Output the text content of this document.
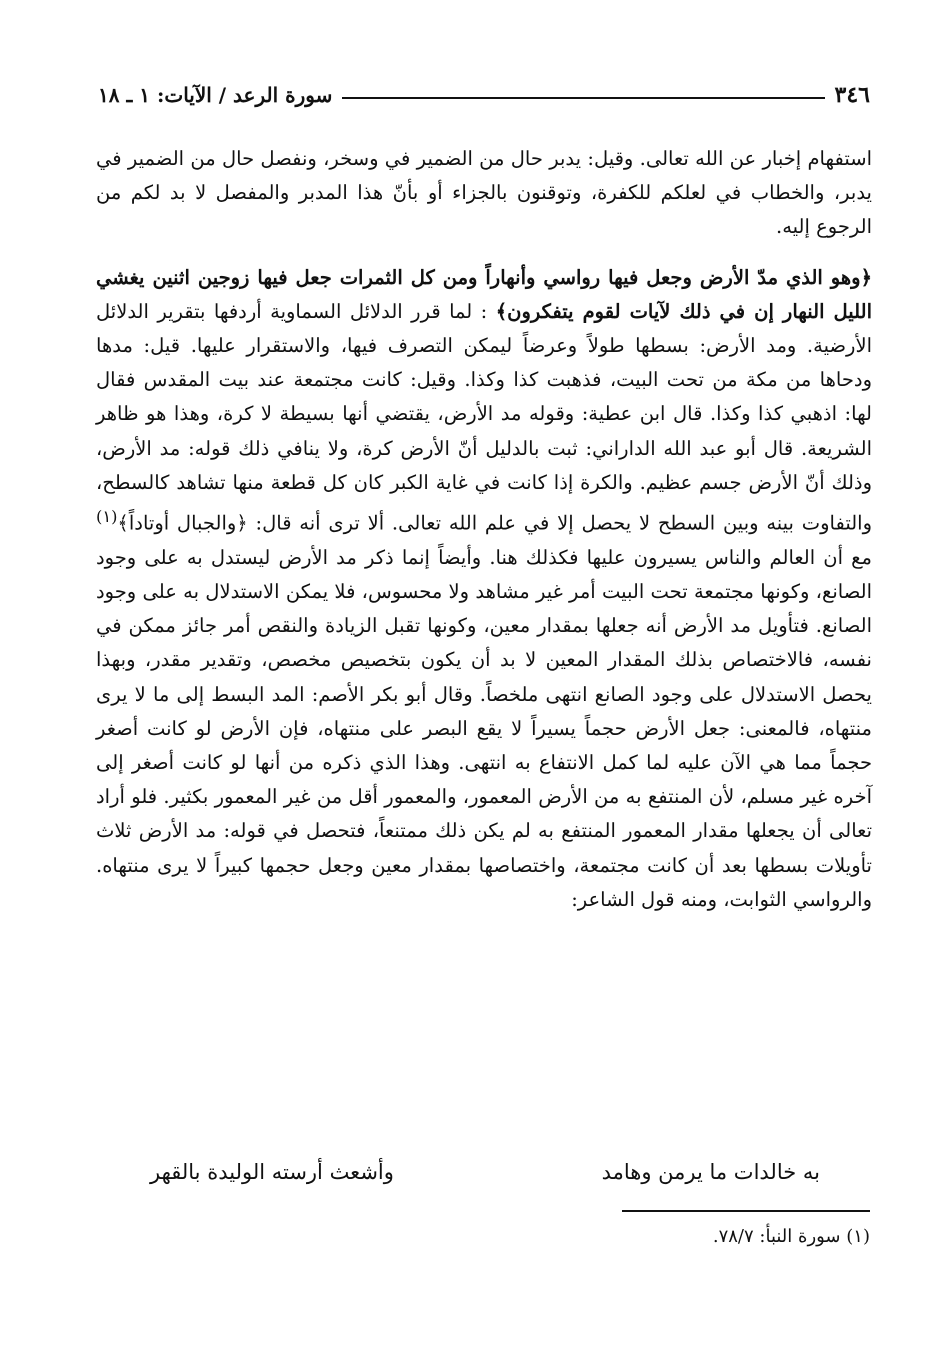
٣٤٦
سورة الرعد / الآيات: ١ ـ ١٨

استفهام إخبار عن الله تعالى. وقيل: يدبر حال من الضمير في وسخر، ونفصل حال من الضمير في يدبر، والخطاب في لعلكم للكفرة، وتوقنون بالجزاء أو بأنّ هذا المدبر والمفصل لا بد لكم من الرجوع إليه.

﴿وهو الذي مدّ الأرض وجعل فيها رواسي وأنهاراً ومن كل الثمرات جعل فيها زوجين اثنين يغشي الليل النهار إن في ذلك لآيات لقوم يتفكرون﴾ : لما قرر الدلائل السماوية أردفها بتقرير الدلائل الأرضية. ومد الأرض: بسطها طولاً وعرضاً ليمكن التصرف فيها، والاستقرار عليها. قيل: مدها ودحاها من مكة من تحت البيت، فذهبت كذا وكذا. وقيل: كانت مجتمعة عند بيت المقدس فقال لها: اذهبي كذا وكذا. قال ابن عطية: وقوله مد الأرض، يقتضي أنها بسيطة لا كرة، وهذا هو ظاهر الشريعة. قال أبو عبد الله الداراني: ثبت بالدليل أنّ الأرض كرة، ولا ينافي ذلك قوله: مد الأرض، وذلك أنّ الأرض جسم عظيم. والكرة إذا كانت في غاية الكبر كان كل قطعة منها تشاهد كالسطح، والتفاوت بينه وبين السطح لا يحصل إلا في علم الله تعالى. ألا ترى أنه قال: ﴿والجبال أوتاداً﴾$^{(١)}$ مع أن العالم والناس يسيرون عليها فكذلك هنا. وأيضاً إنما ذكر مد الأرض ليستدل به على وجود الصانع، وكونها مجتمعة تحت البيت أمر غير مشاهد ولا محسوس، فلا يمكن الاستدلال به على وجود الصانع. فتأويل مد الأرض أنه جعلها بمقدار معين، وكونها تقبل الزيادة والنقص أمر جائز ممكن في نفسه، فالاختصاص بذلك المقدار المعين لا بد أن يكون بتخصيص مخصص، وتقدير مقدر، وبهذا يحصل الاستدلال على وجود الصانع انتهى ملخصاً. وقال أبو بكر الأصم: المد البسط إلى ما لا يرى منتهاه، فالمعنى: جعل الأرض حجماً يسيراً لا يقع البصر على منتهاه، فإن الأرض لو كانت أصغر حجماً مما هي الآن عليه لما كمل الانتفاع به انتهى. وهذا الذي ذكره من أنها لو كانت أصغر إلى آخره غير مسلم، لأن المنتفع به من الأرض المعمور، والمعمور أقل من غير المعمور بكثير. فلو أراد تعالى أن يجعلها مقدار المعمور المنتفع به لم يكن ذلك ممتنعاً، فتحصل في قوله: مد الأرض ثلاث تأويلات بسطها بعد أن كانت مجتمعة، واختصاصها بمقدار معين وجعل حجمها كبيراً لا يرى منتهاه. والرواسي الثوابت، ومنه قول الشاعر:

به خالدات ما يرمن وهامد
وأشعث أرسته الوليدة بالقهر
(١) سورة النبأ: ٧٨/٧.
